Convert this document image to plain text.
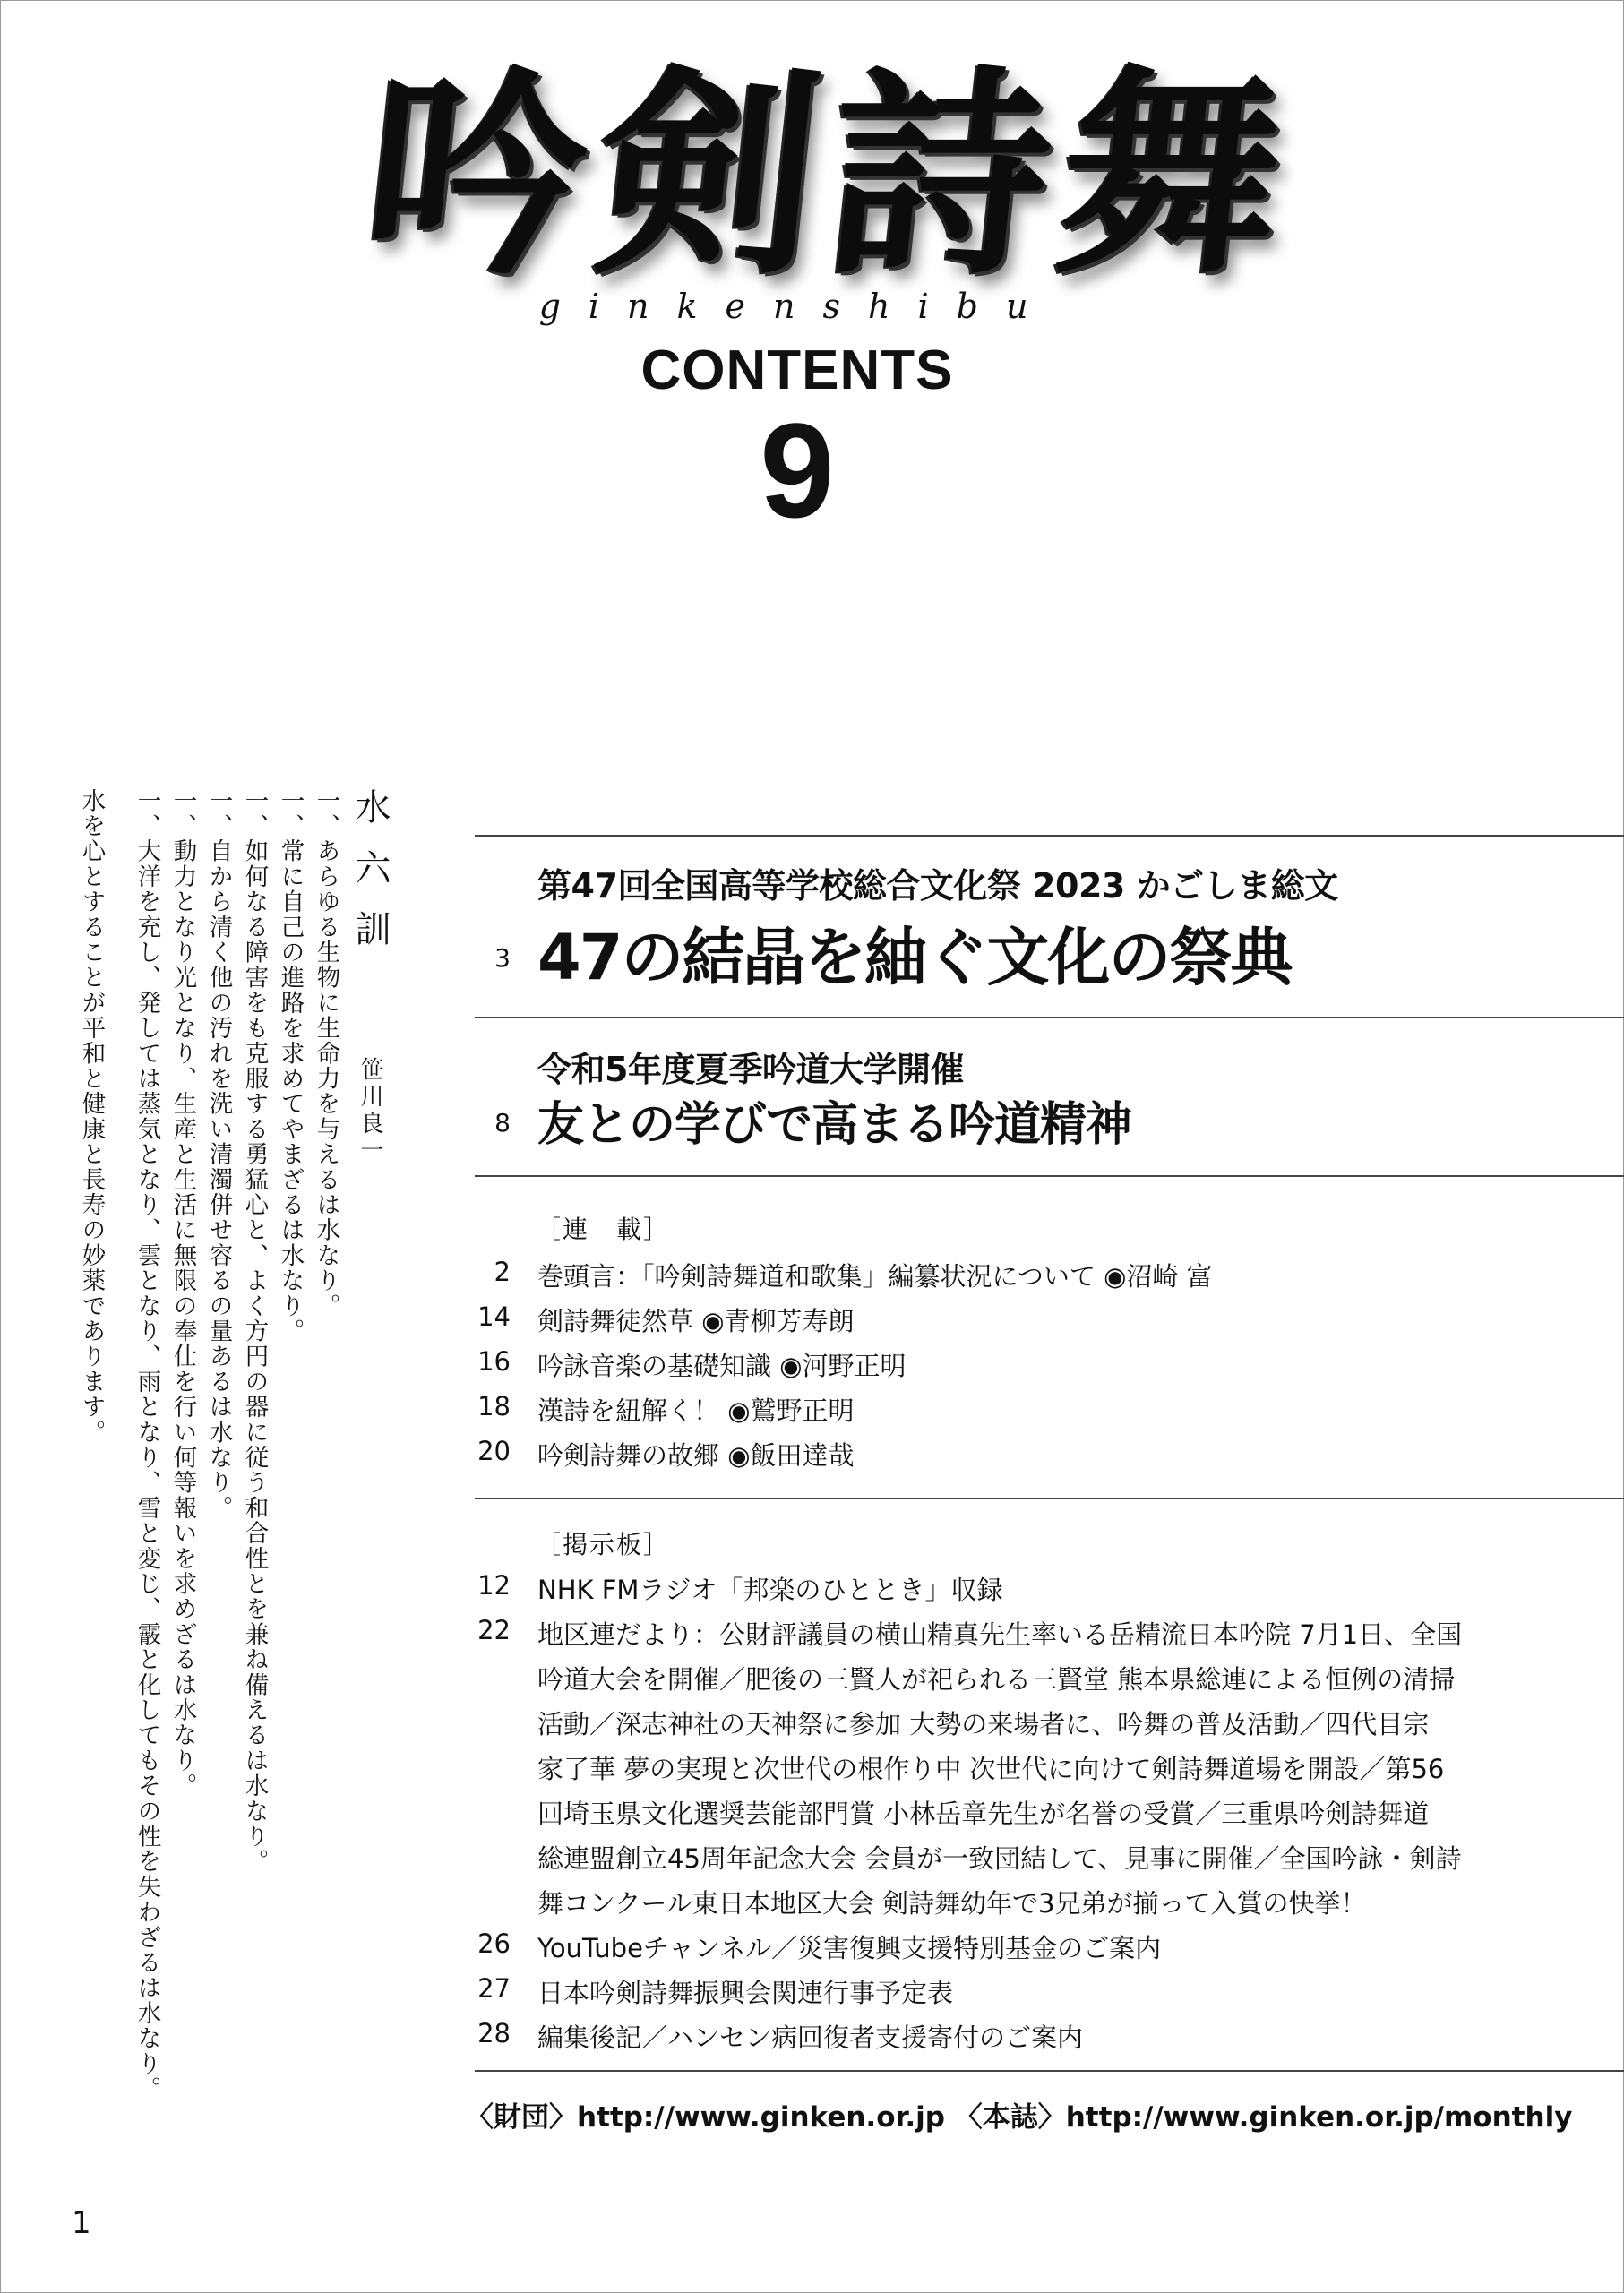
吟 剣 詩 舞
ginkenshibu
CONTENTS
9
水六訓
笹川良一
一、あらゆる生物に生命力を与えるは水なり。
一、常に自己の進路を求めてやまざるは水なり。
一、如何なる障害をも克服する勇猛心と、よく方円の器に従う和合性とを兼ね備えるは水なり。
一、自から清く他の汚れを洗い清濁併せ容るの量あるは水なり。
一、動力となり光となり、生産と生活に無限の奉仕を行い何等報いを求めざるは水なり。
一、大洋を充し、発しては蒸気となり、雲となり、雨となり、雪と変じ、霰と化してもその性を失わざるは水なり。
水を心とすることが平和と健康と長寿の妙薬であります。	第47回全国高等学校総合文化祭 2023 かごしま総文
3 47の結晶を紬ぐ文化の祭典
令和5年度夏季吟道大学開催
8 友との学びで高まる吟道精神
［連　載］
2 巻頭言：「吟剣詩舞道和歌集」編纂状況について ◉沼崎 富
14 剣詩舞徒然草 ◉青柳芳寿朗
16 吟詠音楽の基礎知識 ◉河野正明
18 漢詩を紐解く！ ◉鷲野正明
20 吟剣詩舞の故郷 ◉飯田達哉
［掲示板］
12 NHK FMラジオ「邦楽のひととき」収録
22 地区連だより：公財評議員の横山精真先生率いる岳精流日本吟院 7月1日、全国
吟道大会を開催／肥後の三賢人が祀られる三賢堂 熊本県総連による恒例の清掃
活動／深志神社の天神祭に参加 大勢の来場者に、吟舞の普及活動／四代目宗
家了華 夢の実現と次世代の根作り中 次世代に向けて剣詩舞道場を開設／第56
回埼玉県文化選奨芸能部門賞 小林岳章先生が名誉の受賞／三重県吟剣詩舞道
総連盟創立45周年記念大会 会員が一致団結して、見事に開催／全国吟詠・剣詩
舞コンクール東日本地区大会 剣詩舞幼年で3兄弟が揃って入賞の快挙！
26 YouTubeチャンネル／災害復興支援特別基金のご案内
27 日本吟剣詩舞振興会関連行事予定表
28 編集後記／ハンセン病回復者支援寄付のご案内
〈財団〉http://www.ginken.or.jp 〈本誌〉http://www.ginken.or.jp/monthly
1
